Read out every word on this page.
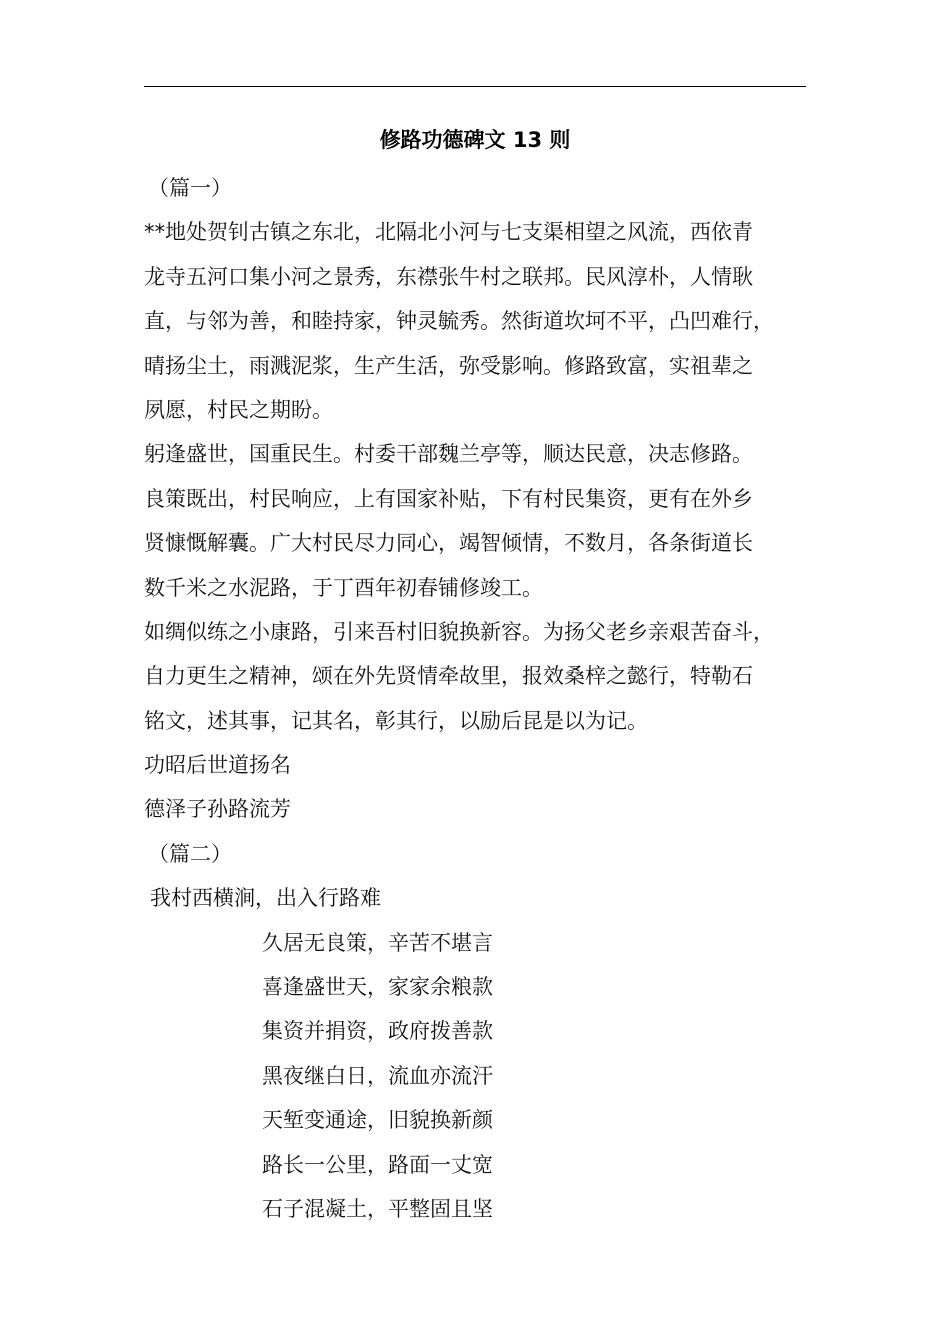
修路功德碑文 13 则
（篇一）
**地处贺钊古镇之东北，北隔北小河与七支渠相望之风流，西依青
龙寺五河口集小河之景秀，东襟张牛村之联邦。民风淳朴，人情耿
直，与邻为善，和睦持家，钟灵毓秀。然街道坎坷不平，凸凹难行，
晴扬尘土，雨溅泥浆，生产生活，弥受影响。修路致富，实祖辈之
夙愿，村民之期盼。
躬逢盛世，国重民生。村委干部魏兰亭等，顺达民意，决志修路。
良策既出，村民响应，上有国家补贴，下有村民集资，更有在外乡
贤慷慨解囊。广大村民尽力同心，竭智倾情，不数月，各条街道长
数千米之水泥路，于丁酉年初春铺修竣工。
如绸似练之小康路，引来吾村旧貌换新容。为扬父老乡亲艰苦奋斗，
自力更生之精神，颂在外先贤情牵故里，报效桑梓之懿行，特勒石
铭文，述其事，记其名，彰其行，以励后昆是以为记。
功昭后世道扬名
德泽子孙路流芳
（篇二）
我村西横涧，出入行路难
久居无良策，辛苦不堪言
喜逢盛世天，家家余粮款
集资并捐资，政府拨善款
黑夜继白日，流血亦流汗
天堑变通途，旧貌换新颜
路长一公里，路面一丈宽
石子混凝土，平整固且坚
